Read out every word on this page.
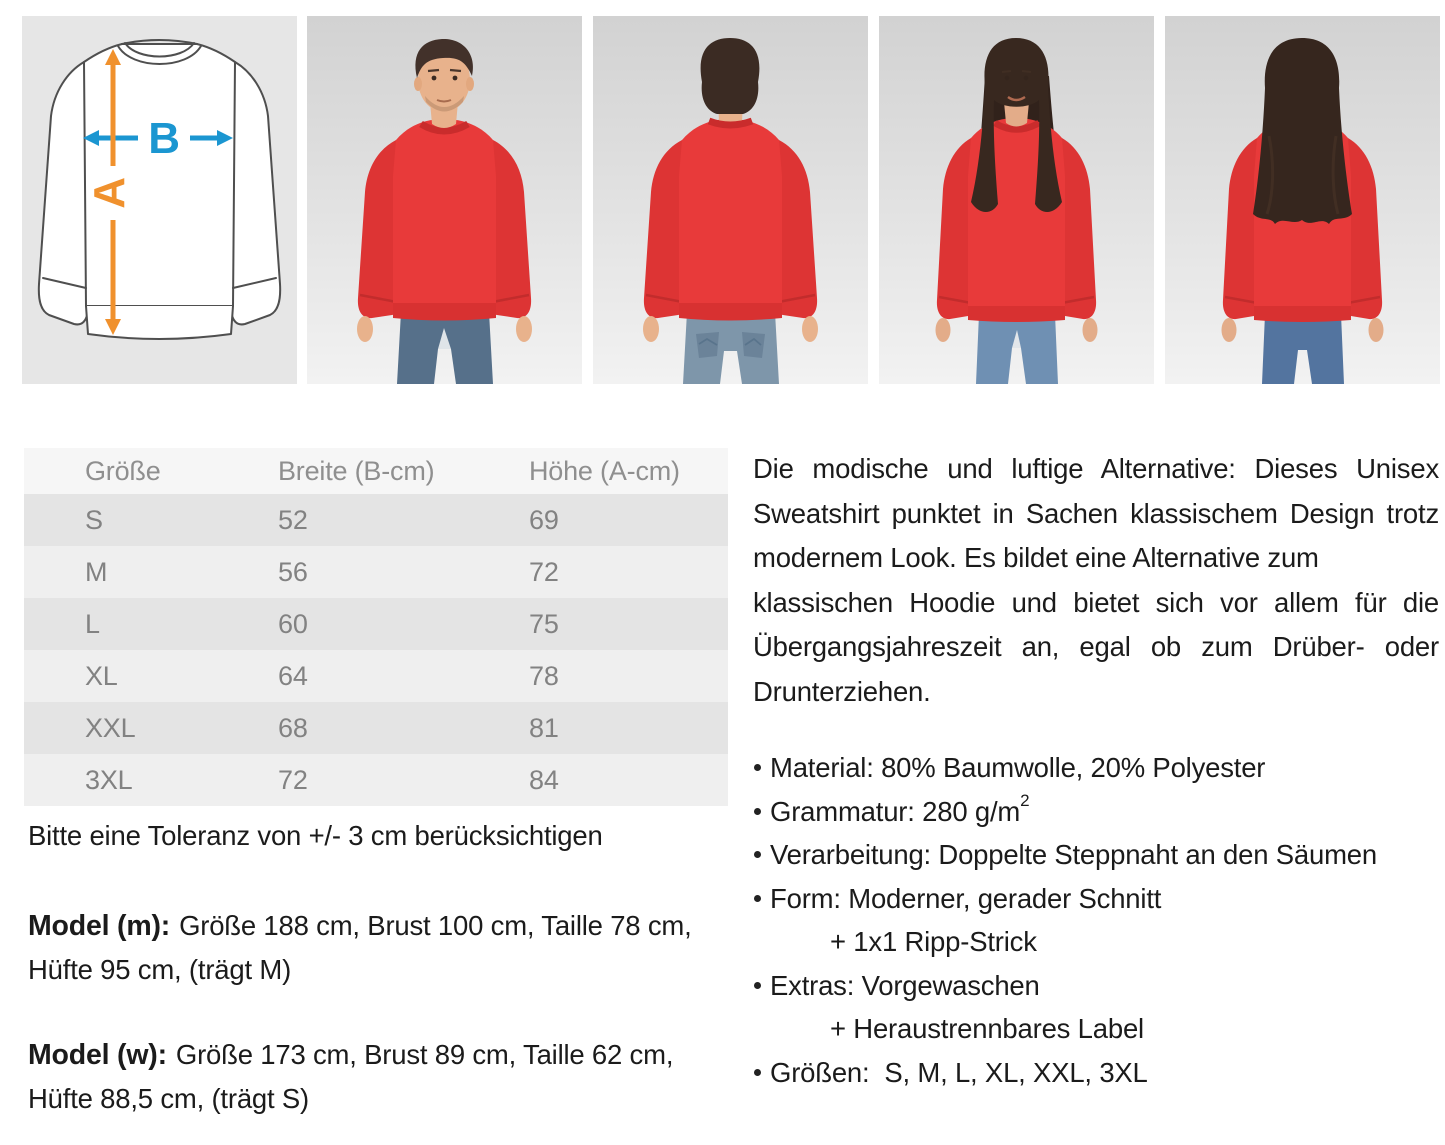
B
A
Größe	Breite (B-cm)	Höhe (A-cm)
S	52	69
M	56	72
L	60	75
XL	64	78
XXL	68	81
3XL	72	84
Bitte eine Toleranz von +/- 3 cm berücksichtigen
Model (m): Größe 188 cm, Brust 100 cm, Taille 78 cm,
Hüfte 95 cm, (trägt M)
Model (w): Größe 173 cm, Brust 89 cm, Taille 62 cm,
Hüfte 88,5 cm, (trägt S)
Die modische und luftige Alternative: Dieses Unisex
Sweatshirt punktet in Sachen klassischem Design trotz
modernem Look. Es bildet eine Alternative zum
klassischen Hoodie und bietet sich vor allem für die
Übergangsjahreszeit an, egal ob zum Drüber- oder
Drunterziehen.
Material: 80% Baumwolle, 20% Polyester
Grammatur: 280 $g/m^2$
Verarbeitung: Doppelte Steppnaht an den Säumen
Form: Moderner, gerader Schnitt
+ 1x1 Ripp-Strick
Extras: Vorgewaschen
+ Heraustrennbares Label
Größen:  S, M, L, XL, XXL, 3XL
